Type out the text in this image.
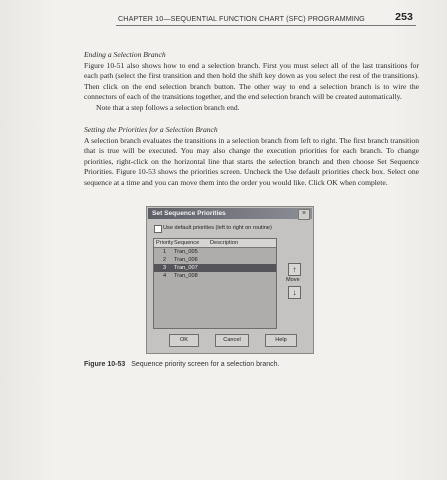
CHAPTER 10—SEQUENTIAL FUNCTION CHART (SFC) PROGRAMMING	253

Ending a Selection Branch

Figure 10-51 also shows how to end a selection branch. First you must select all of the last transitions for each path (select the first transition and then hold the shift key down as you select the rest of the transitions). Then click on the end selection branch button. The other way to end a selection branch is to wire the connectors of each of the transitions together, and the end selection branch will be created automatically.

Note that a step follows a selection branch end.

Setting the Priorities for a Selection Branch

A selection branch evaluates the transitions in a selection branch from left to right. The first branch transition that is true will be executed. You may also change the execution priorities for each branch. To change priorities, right-click on the horizontal line that starts the selection branch and then choose Set Sequence Priorities. Figure 10-53 shows the priorities screen. Uncheck the Use default priorities check box. Select one sequence at a time and you can move them into the order you would like. Click OK when complete.

Set Sequence Priorities	×
Use default priorities (left to right on routine)
Priority Sequence Description
1 Tran_005
2 Tran_006
3 Tran_007
4 Tran_008
↑
Move
↓
OK	Cancel	Help
Figure 10-53 Sequence priority screen for a selection branch.
